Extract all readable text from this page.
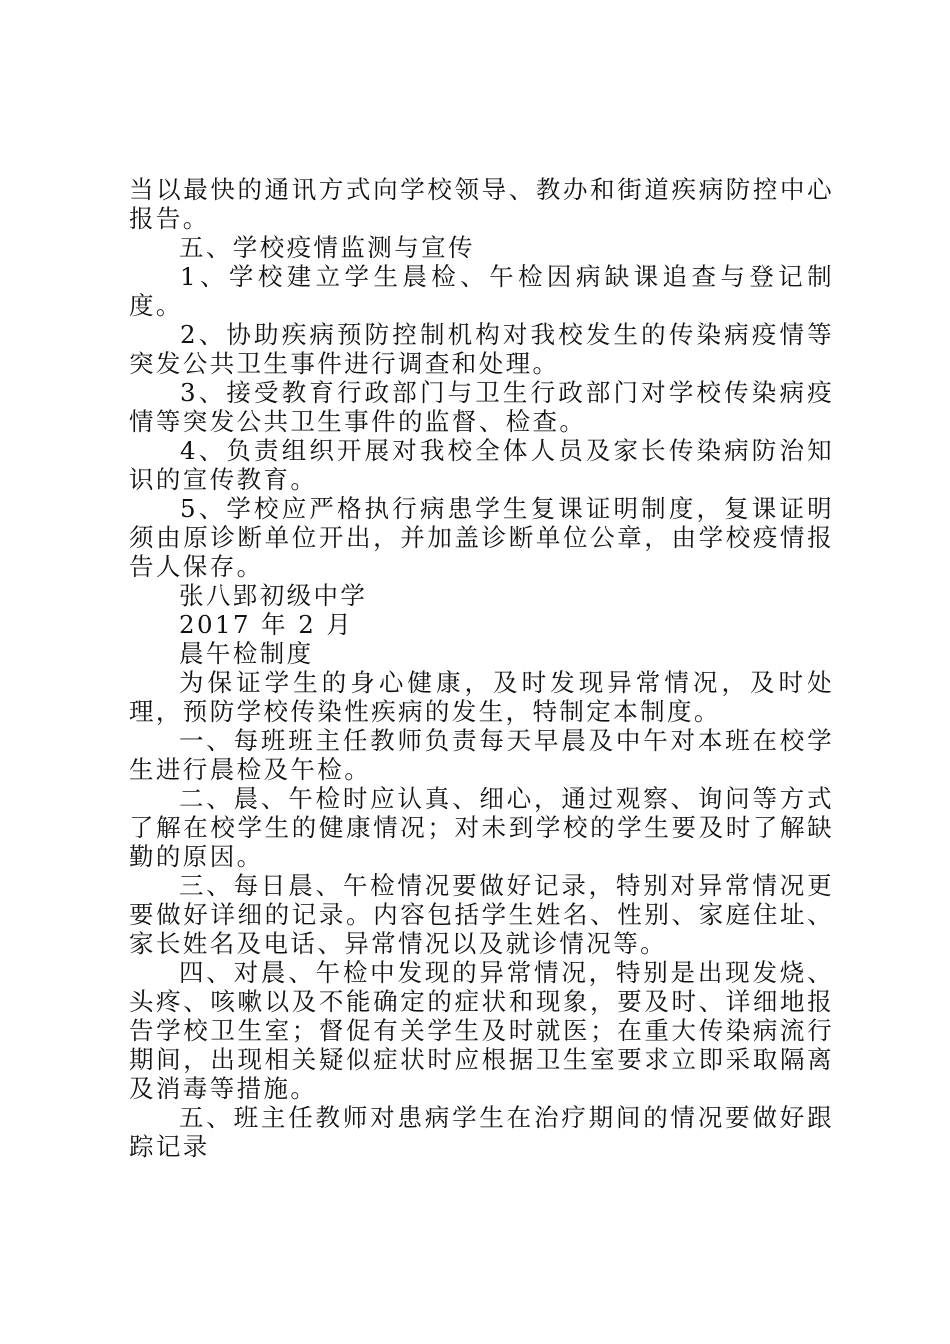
当以最快的通讯方式向学校领导、教办和街道疾病防控中心报告。

五、学校疫情监测与宣传

1、学校建立学生晨检、午检因病缺课追查与登记制度。

2、协助疾病预防控制机构对我校发生的传染病疫情等突发公共卫生事件进行调查和处理。

3、接受教育行政部门与卫生行政部门对学校传染病疫情等突发公共卫生事件的监督、检查。

4、负责组织开展对我校全体人员及家长传染病防治知识的宣传教育。

5、学校应严格执行病患学生复课证明制度，复课证明须由原诊断单位开出，并加盖诊断单位公章，由学校疫情报告人保存。

张八郢初级中学

2017 年 2 月

晨午检制度

为保证学生的身心健康，及时发现异常情况，及时处理，预防学校传染性疾病的发生，特制定本制度。

一、每班班主任教师负责每天早晨及中午对本班在校学生进行晨检及午检。

二、晨、午检时应认真、细心，通过观察、询问等方式了解在校学生的健康情况；对未到学校的学生要及时了解缺勤的原因。

三、每日晨、午检情况要做好记录，特别对异常情况更要做好详细的记录。内容包括学生姓名、性别、家庭住址、家长姓名及电话、异常情况以及就诊情况等。

四、对晨、午检中发现的异常情况，特别是出现发烧、头疼、咳嗽以及不能确定的症状和现象，要及时、详细地报告学校卫生室；督促有关学生及时就医；在重大传染病流行期间，出现相关疑似症状时应根据卫生室要求立即采取隔离及消毒等措施。

五、班主任教师对患病学生在治疗期间的情况要做好跟踪记录
